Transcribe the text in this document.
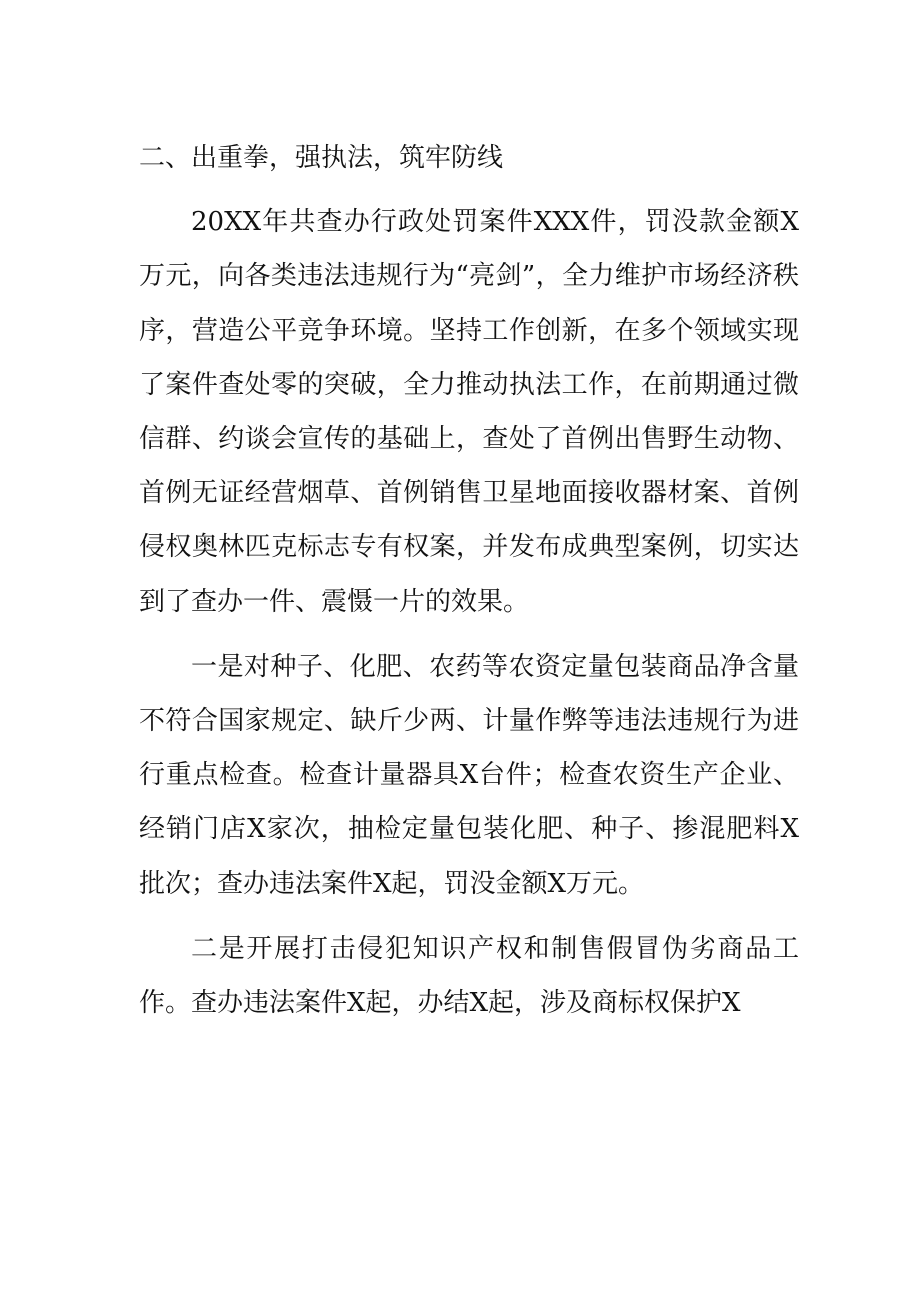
二、出重拳，强执法，筑牢防线

20XX年共查办行政处罚案件XXX件，罚没款金额X万元，向各类违法违规行为“亮剑”，全力维护市场经济秩序，营造公平竞争环境。坚持工作创新，在多个领域实现了案件查处零的突破，全力推动执法工作，在前期通过微信群、约谈会宣传的基础上，查处了首例出售野生动物、首例无证经营烟草、首例销售卫星地面接收器材案、首例侵权奥林匹克标志专有权案，并发布成典型案例，切实达到了查办一件、震慑一片的效果。

一是对种子、化肥、农药等农资定量包装商品净含量不符合国家规定、缺斤少两、计量作弊等违法违规行为进行重点检查。检查计量器具X台件；检查农资生产企业、经销门店X家次，抽检定量包装化肥、种子、掺混肥料X批次；查办违法案件X起，罚没金额X万元。

二是开展打击侵犯知识产权和制售假冒伪劣商品工作。查办违法案件X起，办结X起，涉及商标权保护X
